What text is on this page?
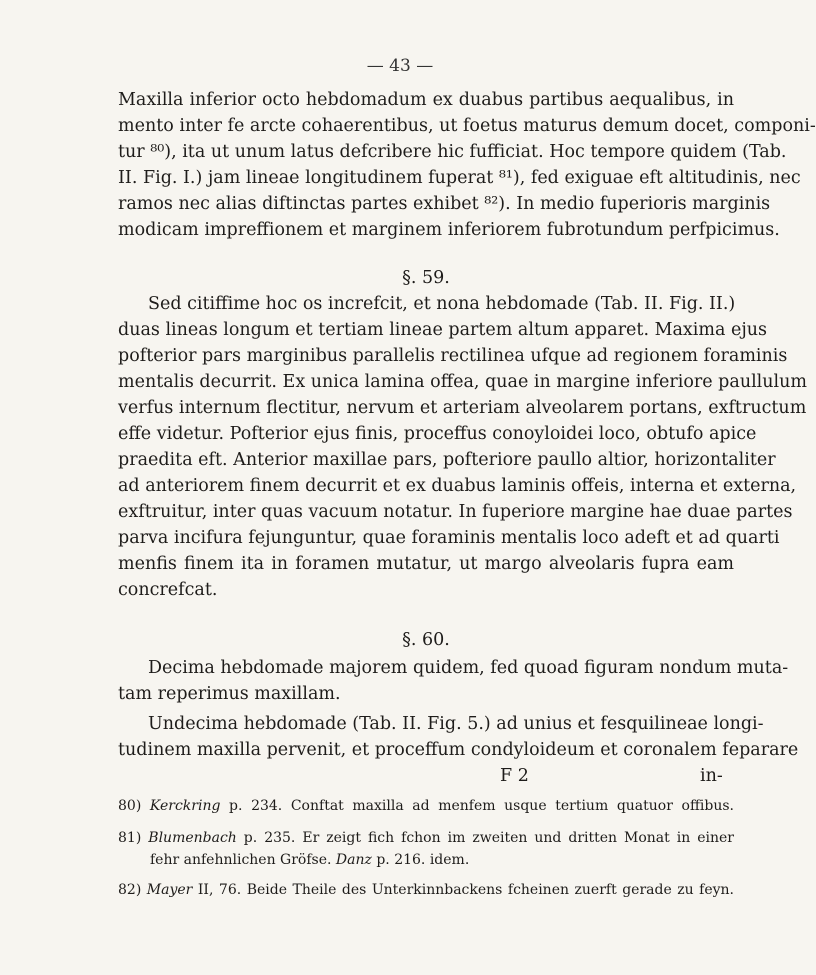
— 43 —
Maxilla inferior octo hebdomadum ex duabus partibus aequalibus, in
mento inter fe arcte cohaerentibus, ut foetus maturus demum docet, componi-
tur ⁸⁰), ita ut unum latus defcribere hic fufficiat. Hoc tempore quidem (Tab.
II. Fig. I.) jam lineae longitudinem fuperat ⁸¹), fed exiguae eft altitudinis, nec
ramos nec alias diftinctas partes exhibet ⁸²). In medio fuperioris marginis
modicam impreffionem et marginem inferiorem fubrotundum perfpicimus.
§. 59.
Sed citiffime hoc os increfcit, et nona hebdomade (Tab. II. Fig. II.)
duas lineas longum et tertiam lineae partem altum apparet. Maxima ejus
pofterior pars marginibus parallelis rectilinea ufque ad regionem foraminis
mentalis decurrit. Ex unica lamina offea, quae in margine inferiore paullulum
verfus internum flectitur, nervum et arteriam alveolarem portans, exftructum
effe videtur. Pofterior ejus finis, proceffus conoyloidei loco, obtufo apice
praedita eft. Anterior maxillae pars, pofteriore paullo altior, horizontaliter
ad anteriorem finem decurrit et ex duabus laminis offeis, interna et externa,
exftruitur, inter quas vacuum notatur. In fuperiore margine hae duae partes
parva incifura fejunguntur, quae foraminis mentalis loco adeft et ad quarti
menfis finem ita in foramen mutatur, ut margo alveolaris fupra eam
concrefcat.
§. 60.
Decima hebdomade majorem quidem, fed quoad figuram nondum muta-
tam reperimus maxillam.
Undecima hebdomade (Tab. II. Fig. 5.) ad unius et fesquilineae longi-
tudinem maxilla pervenit, et proceffum condyloideum et coronalem feparare
F 2	in-
80) Kerckring p. 234. Conftat maxilla ad menfem usque tertium quatuor offibus.
81) Blumenbach p. 235. Er zeigt fich fchon im zweiten und dritten Monat in einer
fehr anfehnlichen Gröfse. Danz p. 216. idem.
82) Mayer II, 76. Beide Theile des Unterkinnbackens fcheinen zuerft gerade zu feyn.
